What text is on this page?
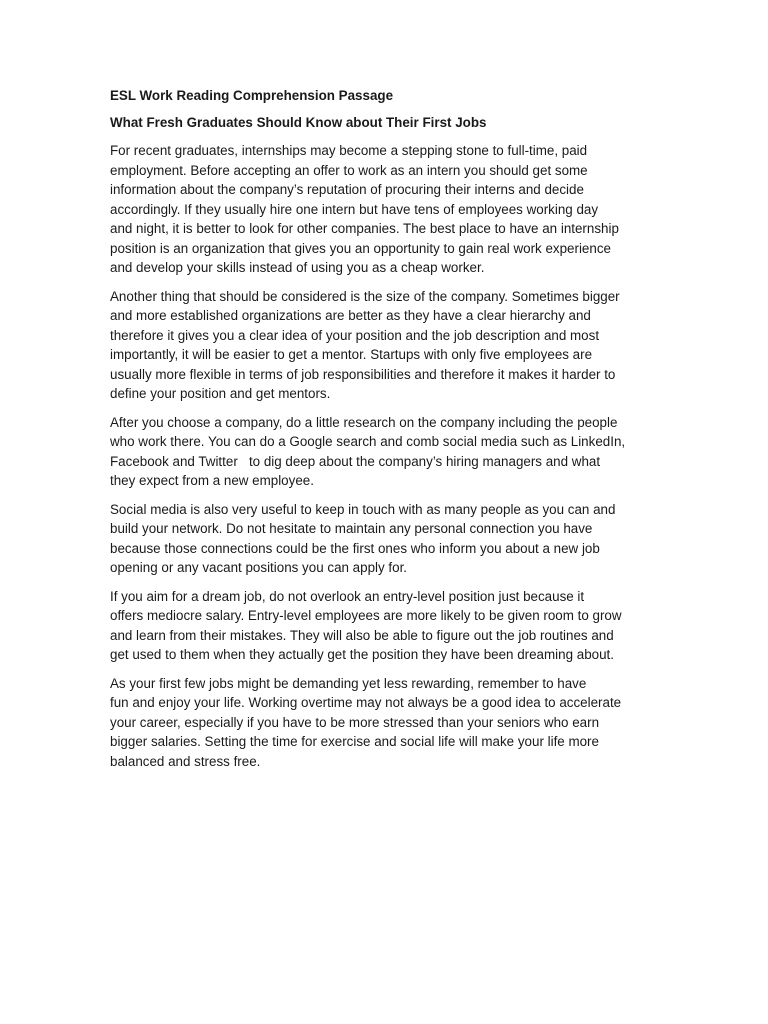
ESL Work Reading Comprehension Passage
What Fresh Graduates Should Know about Their First Jobs
For recent graduates, internships may become a stepping stone to full-time, paid
employment. Before accepting an offer to work as an intern you should get some
information about the company’s reputation of procuring their interns and decide
accordingly. If they usually hire one intern but have tens of employees working day
and night, it is better to look for other companies. The best place to have an internship
position is an organization that gives you an opportunity to gain real work experience
and develop your skills instead of using you as a cheap worker.
Another thing that should be considered is the size of the company. Sometimes bigger
and more established organizations are better as they have a clear hierarchy and
therefore it gives you a clear idea of your position and the job description and most
importantly, it will be easier to get a mentor. Startups with only five employees are
usually more flexible in terms of job responsibilities and therefore it makes it harder to
define your position and get mentors.
After you choose a company, do a little research on the company including the people
who work there. You can do a Google search and comb social media such as LinkedIn,
Facebook and Twitter   to dig deep about the company’s hiring managers and what
they expect from a new employee.
Social media is also very useful to keep in touch with as many people as you can and
build your network. Do not hesitate to maintain any personal connection you have
because those connections could be the first ones who inform you about a new job
opening or any vacant positions you can apply for.
If you aim for a dream job, do not overlook an entry-level position just because it
offers mediocre salary. Entry-level employees are more likely to be given room to grow
and learn from their mistakes. They will also be able to figure out the job routines and
get used to them when they actually get the position they have been dreaming about.
As your first few jobs might be demanding yet less rewarding, remember to have
fun and enjoy your life. Working overtime may not always be a good idea to accelerate
your career, especially if you have to be more stressed than your seniors who earn
bigger salaries. Setting the time for exercise and social life will make your life more
balanced and stress free.
